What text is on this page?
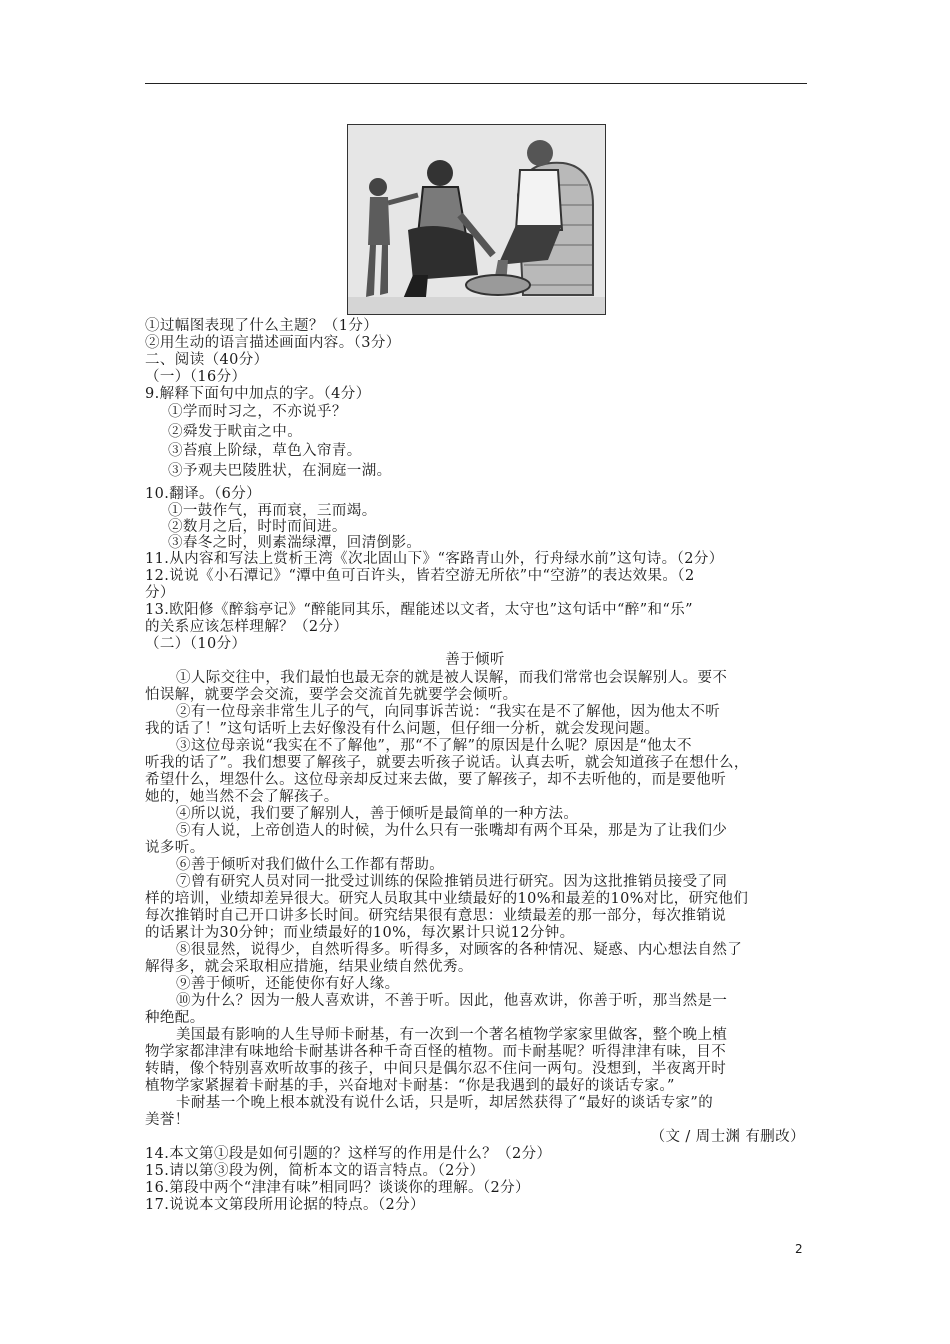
①过幅图表现了什么主题？（1分）
②用生动的语言描述画面内容。（3分）
二、阅读（40分）
（一）（16分）
9.解释下面句中加点的字。（4分）
①学而时习之，不亦说乎？
②舜发于畎亩之中。
③苔痕上阶绿，草色入帘青。
③予观夫巴陵胜状，在洞庭一湖。
10.翻译。（6分）
①一鼓作气，再而衰，三而竭。
②数月之后，时时而间进。
③春冬之时，则素湍绿潭，回清倒影。
11.从内容和写法上赏析王湾《次北固山下》“客路青山外，行舟绿水前”这句诗。（2分）
12.说说《小石潭记》“潭中鱼可百许头，皆若空游无所依”中“空游”的表达效果。（2
分）
13.欧阳修《醉翁亭记》“醉能同其乐，醒能述以文者，太守也”这句话中“醉”和“乐”
的关系应该怎样理解？（2分）
（二）（10分）
善于倾听
①人际交往中，我们最怕也最无奈的就是被人误解，而我们常常也会误解别人。要不
怕误解，就要学会交流，要学会交流首先就要学会倾听。
②有一位母亲非常生儿子的气，向同事诉苦说：“我实在是不了解他，因为他太不听
我的话了！”这句话听上去好像没有什么问题，但仔细一分析，就会发现问题。
③这位母亲说“我实在不了解他”，那“不了解”的原因是什么呢？原因是“他太不
听我的话了”。我们想要了解孩子，就要去听孩子说话。认真去听，就会知道孩子在想什么，
希望什么，埋怨什么。这位母亲却反过来去做，要了解孩子，却不去听他的，而是要他听
她的，她当然不会了解孩子。
④所以说，我们要了解别人，善于倾听是最简单的一种方法。
⑤有人说，上帝创造人的时候，为什么只有一张嘴却有两个耳朵，那是为了让我们少
说多听。
⑥善于倾听对我们做什么工作都有帮助。
⑦曾有研究人员对同一批受过训练的保险推销员进行研究。因为这批推销员接受了同
样的培训，业绩却差异很大。研究人员取其中业绩最好的10%和最差的10%对比，研究他们
每次推销时自己开口讲多长时间。研究结果很有意思：业绩最差的那一部分，每次推销说
的话累计为30分钟；而业绩最好的10%，每次累计只说12分钟。
⑧很显然，说得少，自然听得多。听得多，对顾客的各种情况、疑惑、内心想法自然了
解得多，就会采取相应措施，结果业绩自然优秀。
⑨善于倾听，还能使你有好人缘。
⑩为什么？因为一般人喜欢讲，不善于听。因此，他喜欢讲，你善于听，那当然是一
种绝配。
美国最有影响的人生导师卡耐基，有一次到一个著名植物学家家里做客，整个晚上植
物学家都津津有味地给卡耐基讲各种千奇百怪的植物。而卡耐基呢？听得津津有味，目不
转睛，像个特别喜欢听故事的孩子，中间只是偶尔忍不住问一两句。没想到，半夜离开时
植物学家紧握着卡耐基的手，兴奋地对卡耐基：“你是我遇到的最好的谈话专家。”
卡耐基一个晚上根本就没有说什么话，只是听，却居然获得了“最好的谈话专家”的
美誉！
（文 / 周士渊 有删改）
14.本文第①段是如何引题的？这样写的作用是什么？（2分）
15.请以第③段为例，简析本文的语言特点。（2分）
16.第段中两个“津津有味”相同吗？谈谈你的理解。（2分）
17.说说本文第段所用论据的特点。（2分）
2
